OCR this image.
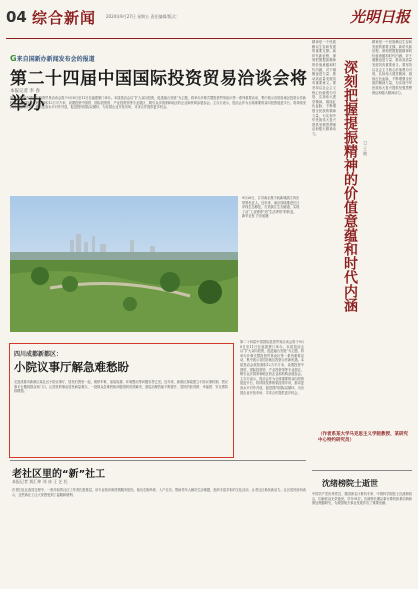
04 综合新闻 2024年9月27日 星期五 责任编辑/版式：	光明日报
G来自国新办新闻发布会的报道
第二十四届中国国际投资贸易洽谈会将举办
本报记者 李 春
第二十四届中国国际投资贸易洽谈会将于9月8日至11日在福建厦门举办。本届投洽会以“扩大双向投资，促进融合发展”为主题，将举办开幕式暨投资贸易论坛等一系列重要活动，集中展示各国各地区投资合作新机遇。本届投洽会展览面积12万平方米，设置投资中国馆、国际投资馆、产业投资馆等专业展区，吸引众多国家和地区的企业和机构参展参会。主办方表示，投洽会作为全球重要的双向投资促进平台，将持续发挥桥梁纽带作用，推动更高水平对外开放，促进国内国际双循环，为各国企业开拓市场、寻求合作提供更多机会。
9月26日，江苏南京燕子矶新城滨江风光带景色宜人。近年来，南京持续推进长江岸线生态修复，打造滨江生态廊道，实现了从“工业锈带”到“生活秀带”的转变。
新华社发 方东旭摄
四川成都新都区：
小院议事厅解急难愁盼
走进成都市新都区某社区小院议事厅，居民们围坐一起，就停车难、加装电梯、环境整治等问题各抒己见。近年来，新都区探索建立小院议事机制，把议事平台搬到群众家门口，让居民的事由居民商量着办，一批群众急难愁盼问题得到有效解决，基层治理效能不断提升，居民的获得感、幸福感、安全感持续增强。
第二十四届中国国际投资贸易洽谈会将于9月8日至11日在福建厦门举办。本届投洽会以“扩大双向投资，促进融合发展”为主题，将举办开幕式暨投资贸易论坛等一系列重要活动，集中展示各国各地区投资合作新机遇。本届投洽会展览面积12万平方米，设置投资中国馆、国际投资馆、产业投资馆等专业展区，吸引众多国家和地区的企业和机构参展参会。主办方表示，投洽会作为全球重要的双向投资促进平台，将持续发挥桥梁纽带作用，推动更高水平对外开放，促进国内国际双循环，为各国企业开拓市场、寻求合作提供更多机会。
老社区里的“新”社工
本报记者 贾汇坤 刘 冰 王 艺 托
在老旧社区改造过程中，一批年轻的社区工作者扎根基层，用专业知识和热情服务居民。他们走街串巷、入户走访，帮助老年人解决生活难题，组织丰富多彩的文化活动，让老社区焕发新活力。社区居民纷纷表示，这些新社工让大家感受到了温暖和便利。
深刻把握提振精神的价值意蕴和时代内涵 □ 王 晓
精神是一个民族赖以生存和发展的重要支撑。新时代新征程，深刻把握提振精神的价值意蕴和时代内涵，对于凝聚奋进力量、推动高质量发展具有重要意义。要坚持以社会主义核心价值观为引领，弘扬伟大建党精神，赓续红色血脉，不断增强全民族的精神力量，为实现中华民族伟大复兴提供坚强思想保证和强大精神动力。
精神是一个民族赖以生存和发展的重要支撑。新时代新征程，深刻把握提振精神的价值意蕴和时代内涵，对于凝聚奋进力量、推动高质量发展具有重要意义。要坚持以社会主义核心价值观为引领，弘扬伟大建党精神，赓续红色血脉，不断增强全民族的精神力量，为实现中华民族伟大复兴提供坚强思想保证和强大精神动力。
（作者系某大学马克思主义学院教授、某研究中心特约研究员）
沈绪榜院士逝世
中国共产党优秀党员、我国著名计算机专家、中国科学院院士沈绪榜同志，因病医治无效逝世，享年91岁。沈绪榜长期从事计算机体系结构和微处理器研究，为我国航天事业发展作出了重要贡献。
